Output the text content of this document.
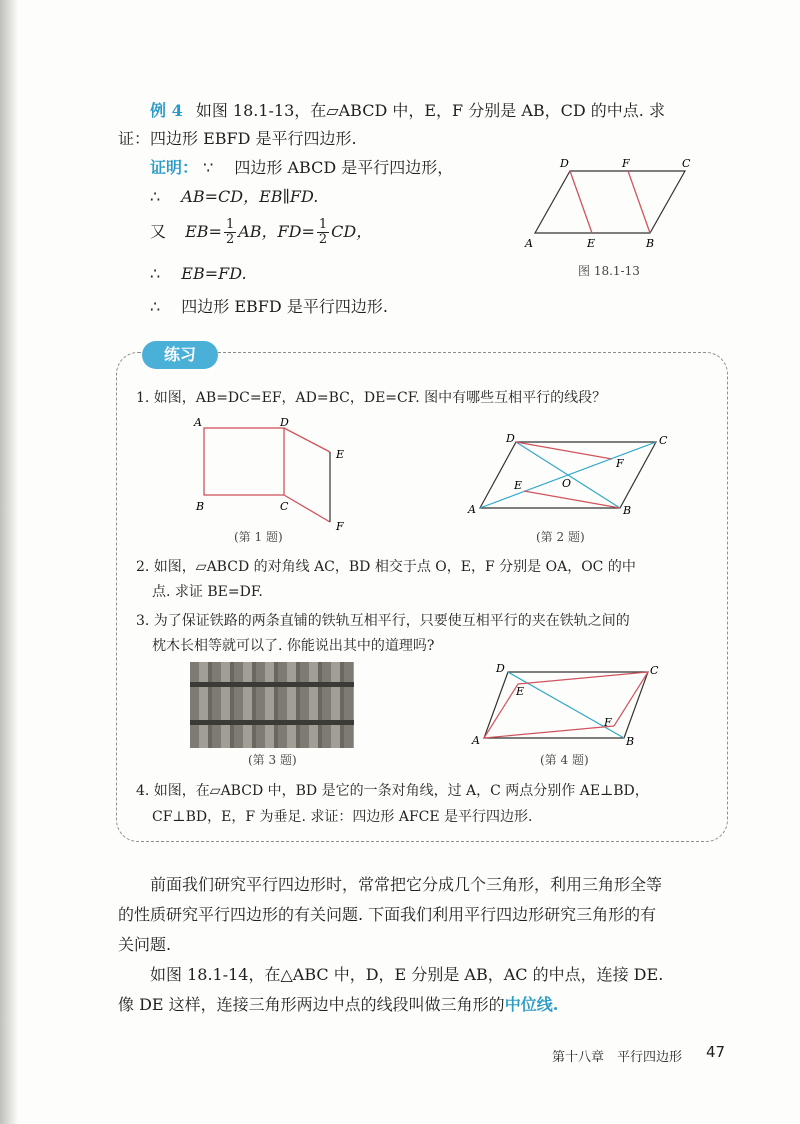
例 4 如图 18.1-13，在▱ABCD 中，E，F 分别是 AB，CD 的中点. 求
证：四边形 EBFD 是平行四边形.
证明： ∵ 四边形 ABCD 是平行四边形，
∴ AB=CD，EB∥FD.
又 $EB= \frac{1}{2}$ AB，$FD= \frac{1}{2}$ CD，
∴ EB=FD.
∴ 四边形 EBFD 是平行四边形.
D	F	C
A	E	B
图 18.1-13
练习
1. 如图，AB=DC=EF，AD=BC，DE=CF. 图中有哪些互相平行的线段？
A	D
E
B	C
F
(第 1 题)
D	C
F
O
E
A	B
(第 2 题)
2. 如图，▱ABCD 的对角线 AC，BD 相交于点 O，E，F 分别是 OA，OC 的中
点. 求证 BE=DF.
3. 为了保证铁路的两条直铺的铁轨互相平行，只要使互相平行的夹在铁轨之间的
枕木长相等就可以了. 你能说出其中的道理吗?
(第 3 题)
D	C
E
F
A	B
(第 4 题)
4. 如图，在▱ABCD 中，BD 是它的一条对角线，过 A，C 两点分别作 AE⊥BD，
CF⊥BD，E，F 为垂足. 求证：四边形 AFCE 是平行四边形.
前面我们研究平行四边形时，常常把它分成几个三角形，利用三角形全等
的性质研究平行四边形的有关问题. 下面我们利用平行四边形研究三角形的有
关问题.
如图 18.1-14，在△ABC 中，D，E 分别是 AB，AC 的中点，连接 DE.
像 DE 这样，连接三角形两边中点的线段叫做三角形的中位线.
第十八章　平行四边形 47
